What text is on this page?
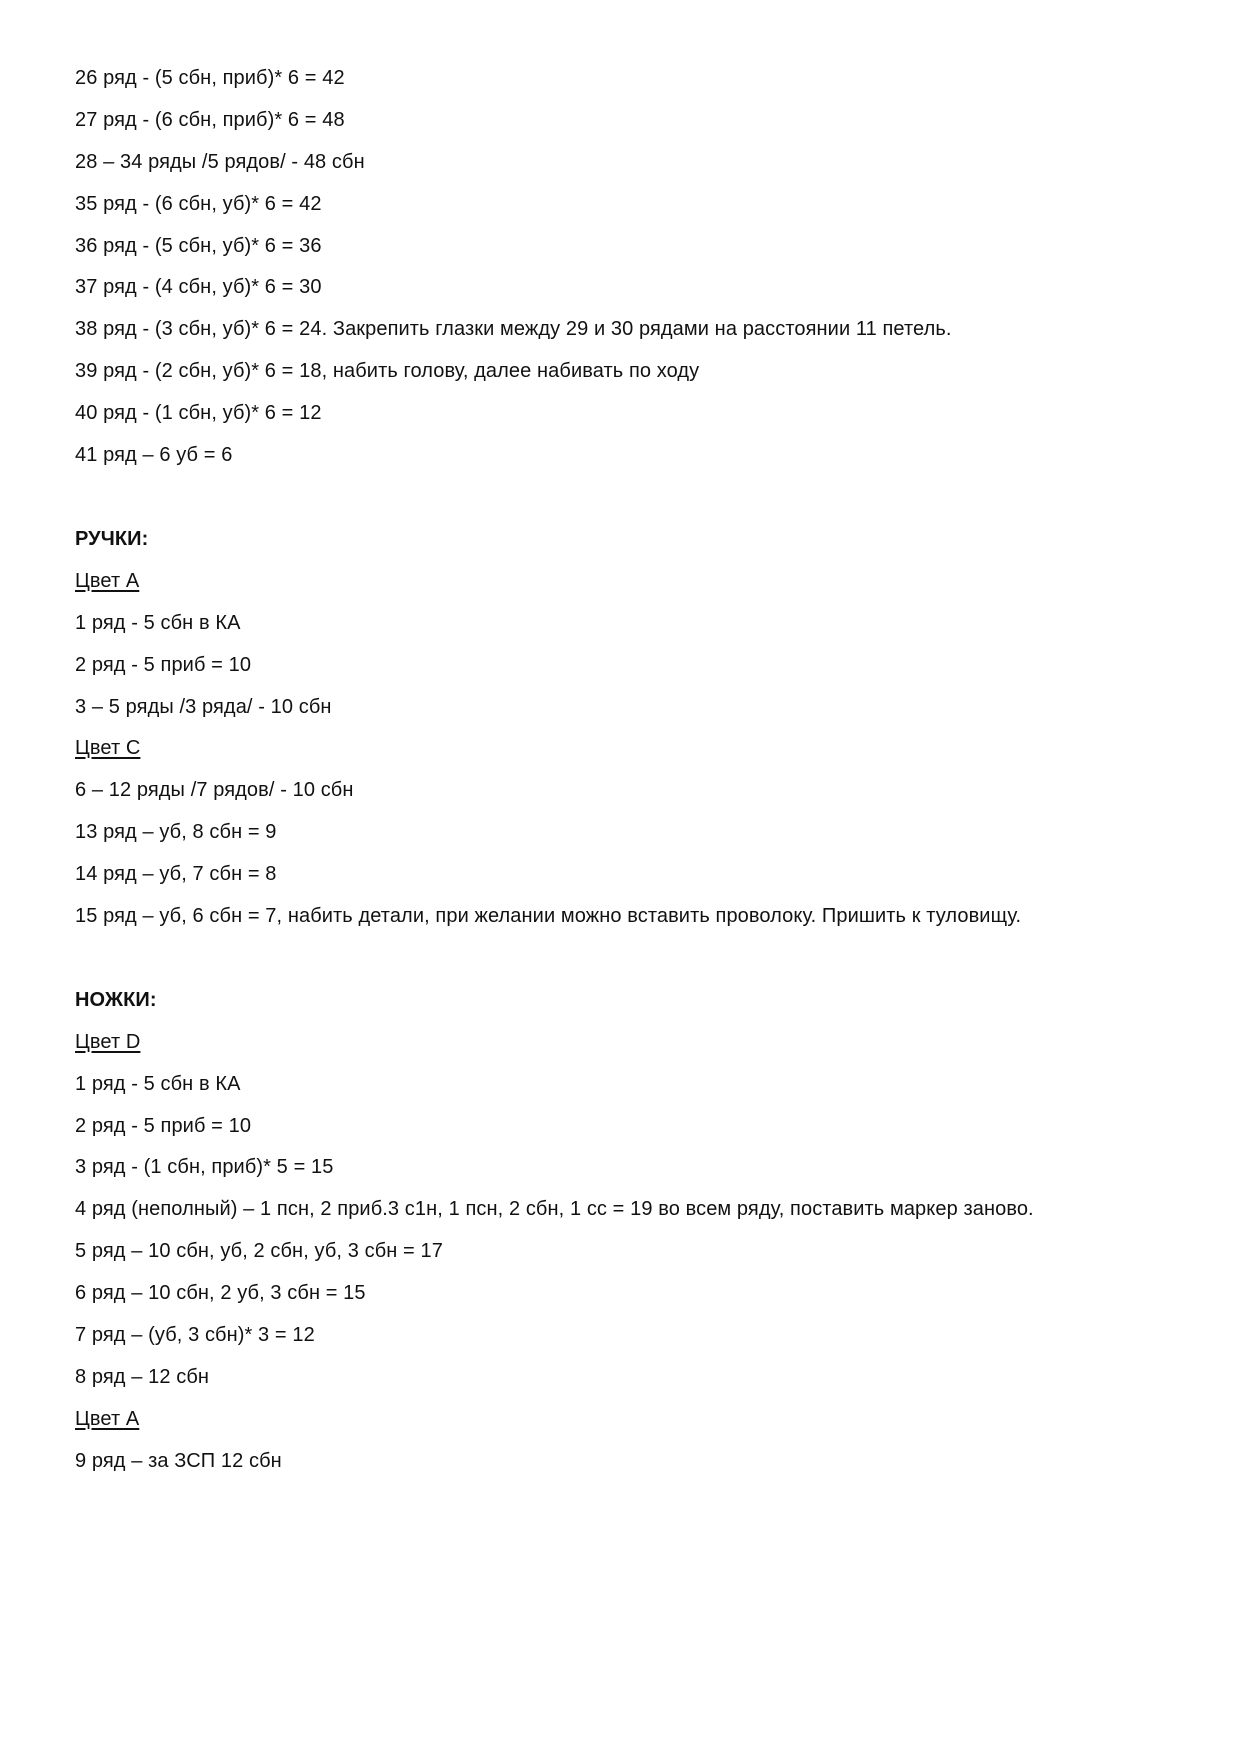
26 ряд - (5 сбн, приб)* 6 = 42
27 ряд - (6 сбн, приб)* 6 = 48
28 – 34 ряды /5 рядов/ - 48 сбн
35 ряд - (6 сбн, уб)* 6 = 42
36 ряд - (5 сбн, уб)* 6 = 36
37 ряд - (4 сбн, уб)* 6 = 30
38 ряд - (3 сбн, уб)* 6 = 24. Закрепить глазки между 29 и 30 рядами на расстоянии 11 петель.
39 ряд - (2 сбн, уб)* 6 = 18, набить голову, далее набивать по ходу
40 ряд - (1 сбн, уб)* 6 = 12
41 ряд – 6 уб = 6
РУЧКИ:
Цвет А
1 ряд - 5 сбн в КА
2 ряд - 5 приб = 10
3 – 5 ряды /3 ряда/ - 10 сбн
Цвет С
6 – 12 ряды /7 рядов/ - 10 сбн
13 ряд – уб, 8 сбн = 9
14 ряд – уб, 7 сбн = 8
15 ряд – уб, 6 сбн = 7, набить детали, при желании можно вставить проволоку. Пришить к туловищу.
НОЖКИ:
Цвет D
1 ряд - 5 сбн в КА
2 ряд - 5 приб = 10
3 ряд - (1 сбн, приб)* 5 = 15
4 ряд (неполный) – 1 псн, 2 приб.3 с1н, 1 псн, 2 сбн, 1 сс = 19 во всем ряду, поставить маркер заново.
5 ряд – 10 сбн, уб, 2 сбн, уб, 3 сбн = 17
6 ряд – 10 сбн, 2 уб, 3 сбн = 15
7 ряд – (уб, 3 сбн)* 3 = 12
8 ряд – 12 сбн
Цвет А
9 ряд – за ЗСП 12 сбн
